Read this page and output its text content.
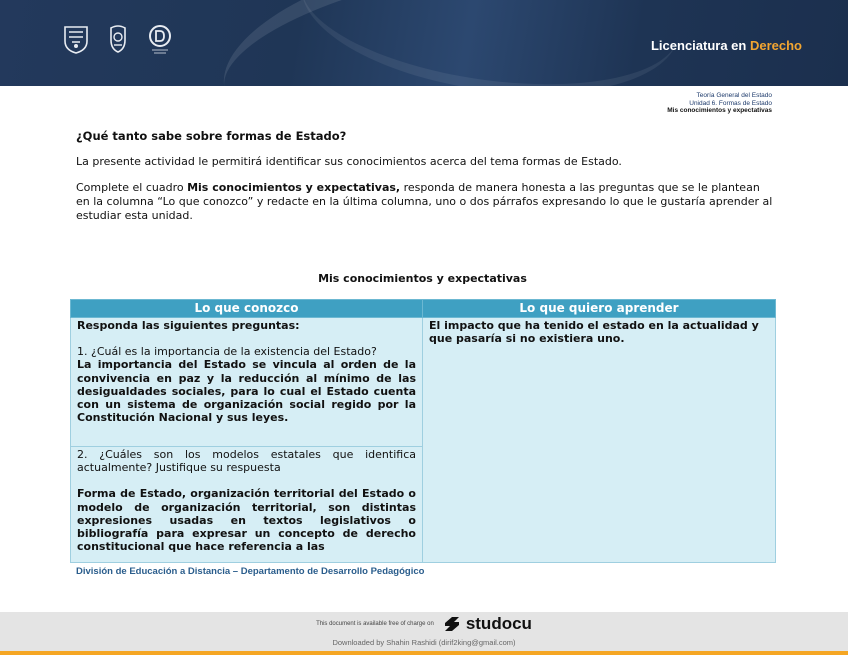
Licenciatura en Derecho
Teoría General del Estado
Unidad 6. Formas de Estado
Mis conocimientos y expectativas
¿Qué tanto sabe sobre formas de Estado?
La presente actividad le permitirá identificar sus conocimientos acerca del tema formas de Estado.
Complete el cuadro Mis conocimientos y expectativas, responda de manera honesta a las preguntas que se le plantean en la columna “Lo que conozco” y redacte en la última columna, uno o dos párrafos expresando lo que le gustaría aprender al estudiar esta unidad.
Mis conocimientos y expectativas
Lo que conozco	Lo que quiero aprender

Responda las siguientes preguntas:
1. ¿Cuál es la importancia de la existencia del Estado?
La importancia del Estado se vincula al orden de la convivencia en paz y la reducción al mínimo de las desigualdades sociales, para lo cual el Estado cuenta con un sistema de organización social regido por la Constitución Nacional y sus leyes.	El impacto que ha tenido el estado en la actualidad y que pasaría si no existiera uno.

2. ¿Cuáles son los modelos estatales que identifica actualmente? Justifique su respuesta
Forma de Estado, organización territorial del Estado o modelo de organización territorial, son distintas expresiones usadas en textos legislativos o bibliografía para expresar un concepto de derecho constitucional que hace referencia a las	
División de Educación a Distancia – Departamento de Desarrollo Pedagógico
This document is available free of charge on studocu
Downloaded by Shahin Rashidi (dirif2king@gmail.com)
